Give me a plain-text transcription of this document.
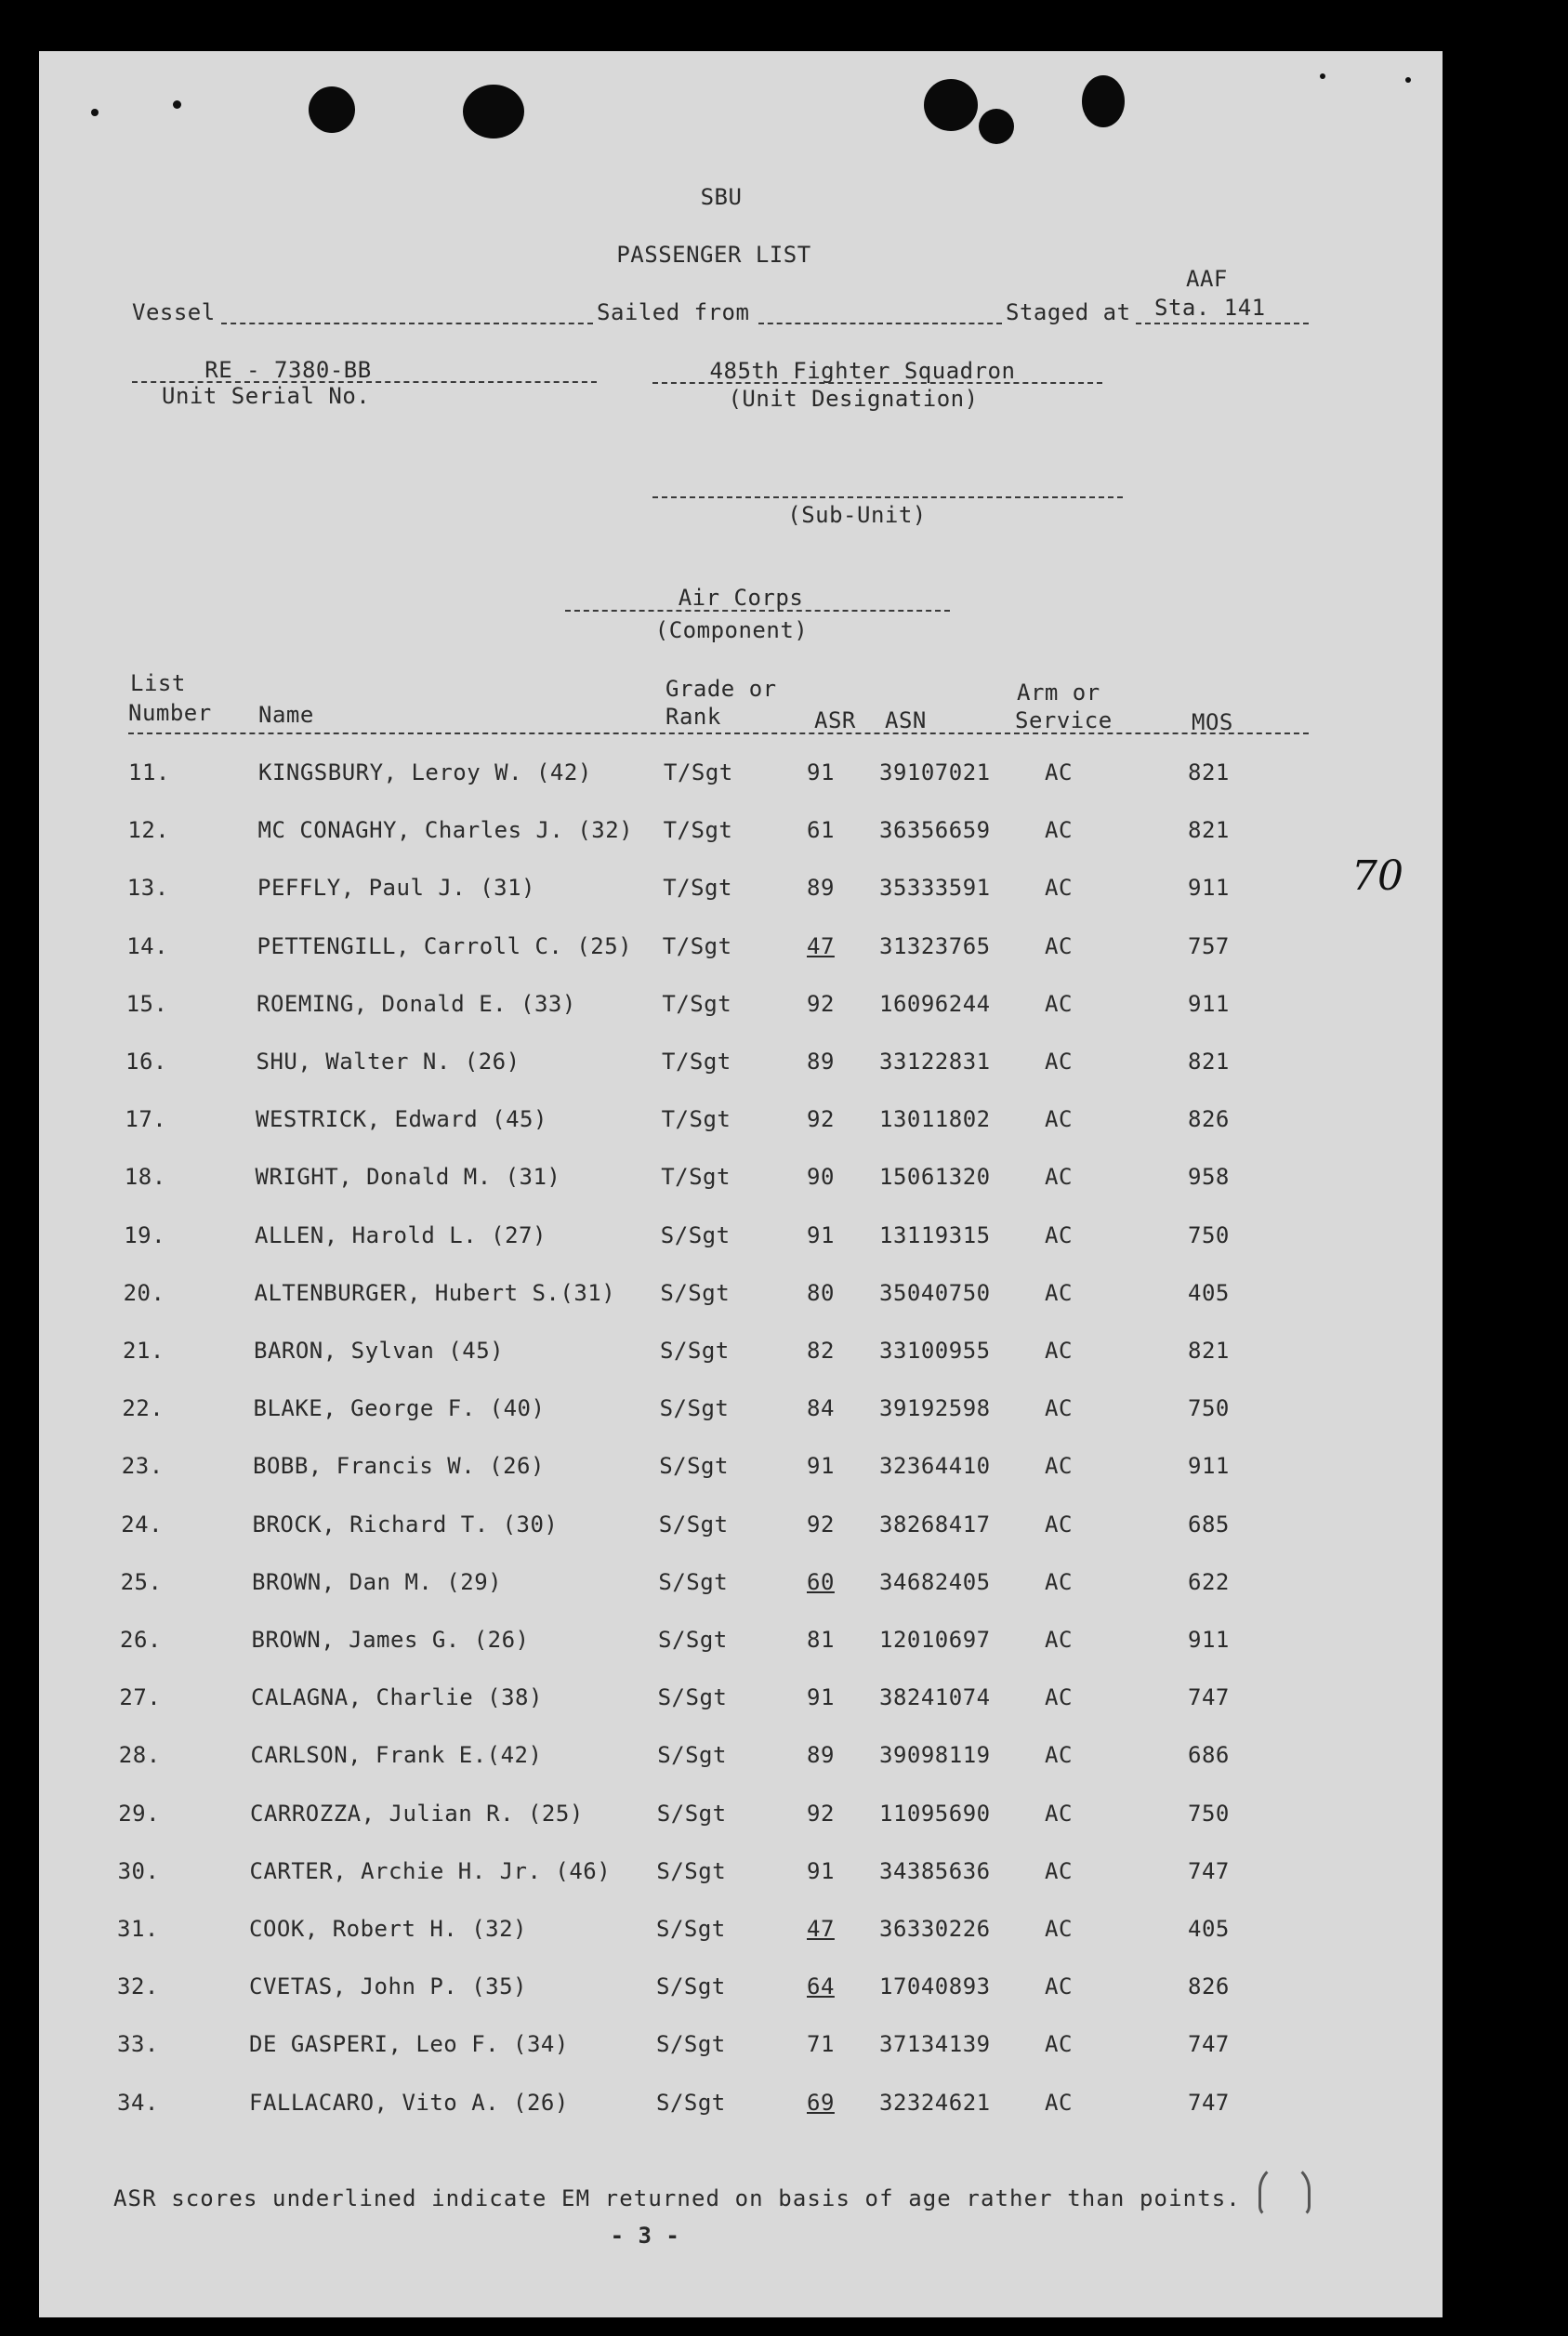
SBU
PASSENGER LIST
Vessel	Sailed from	Staged at
AAF
Sta. 141
RE - 7380-BB
Unit Serial No.
485th Fighter Squadron
(Unit Designation)
(Sub-Unit)
Air Corps
(Component)
List
Number Name
Grade or
Rank	ASR ASN
Arm or
Service	MOS
11.	KINGSBURY, Leroy W. (42)	T/Sgt	91 39107021 AC	821
12.	MC CONAGHY, Charles J. (32) T/Sgt	61 36356659 AC	821
13.	PEFFLY, Paul J. (31)	T/Sgt	89 35333591 AC	911
14.	PETTENGILL, Carroll C. (25) T/Sgt	47 31323765 AC	757
15.	ROEMING, Donald E. (33)	T/Sgt	92 16096244 AC	911
16.	SHU, Walter N. (26)	T/Sgt	89 33122831 AC	821
17.	WESTRICK, Edward (45)	T/Sgt	92 13011802 AC	826
18.	WRIGHT, Donald M. (31)	T/Sgt	90 15061320 AC	958
19.	ALLEN, Harold L. (27)	S/Sgt	91 13119315 AC	750
20.	ALTENBURGER, Hubert S.(31) S/Sgt	80 35040750 AC	405
21.	BARON, Sylvan (45)	S/Sgt	82 33100955 AC	821
22.	BLAKE, George F. (40)	S/Sgt	84 39192598 AC	750
23.	BOBB, Francis W. (26)	S/Sgt	91 32364410 AC	911
24.	BROCK, Richard T. (30)	S/Sgt	92 38268417 AC	685
25.	BROWN, Dan M. (29)	S/Sgt	60 34682405 AC	622
26.	BROWN, James G. (26)	S/Sgt	81 12010697 AC	911
27.	CALAGNA, Charlie (38)	S/Sgt	91 38241074 AC	747
28.	CARLSON, Frank E.(42)	S/Sgt	89 39098119 AC	686
29.	CARROZZA, Julian R. (25)	S/Sgt	92 11095690 AC	750
30.	CARTER, Archie H. Jr. (46) S/Sgt	91 34385636 AC	747
31.	COOK, Robert H. (32)	S/Sgt	47 36330226 AC	405
32.	CVETAS, John P. (35)	S/Sgt	64 17040893 AC	826
33.	DE GASPERI, Leo F. (34)	S/Sgt	71 37134139 AC	747
34.	FALLACARO, Vito A. (26)	S/Sgt	69 32324621 AC	747
70
ASR scores underlined indicate EM returned on basis of age rather than points.
- 3 -
